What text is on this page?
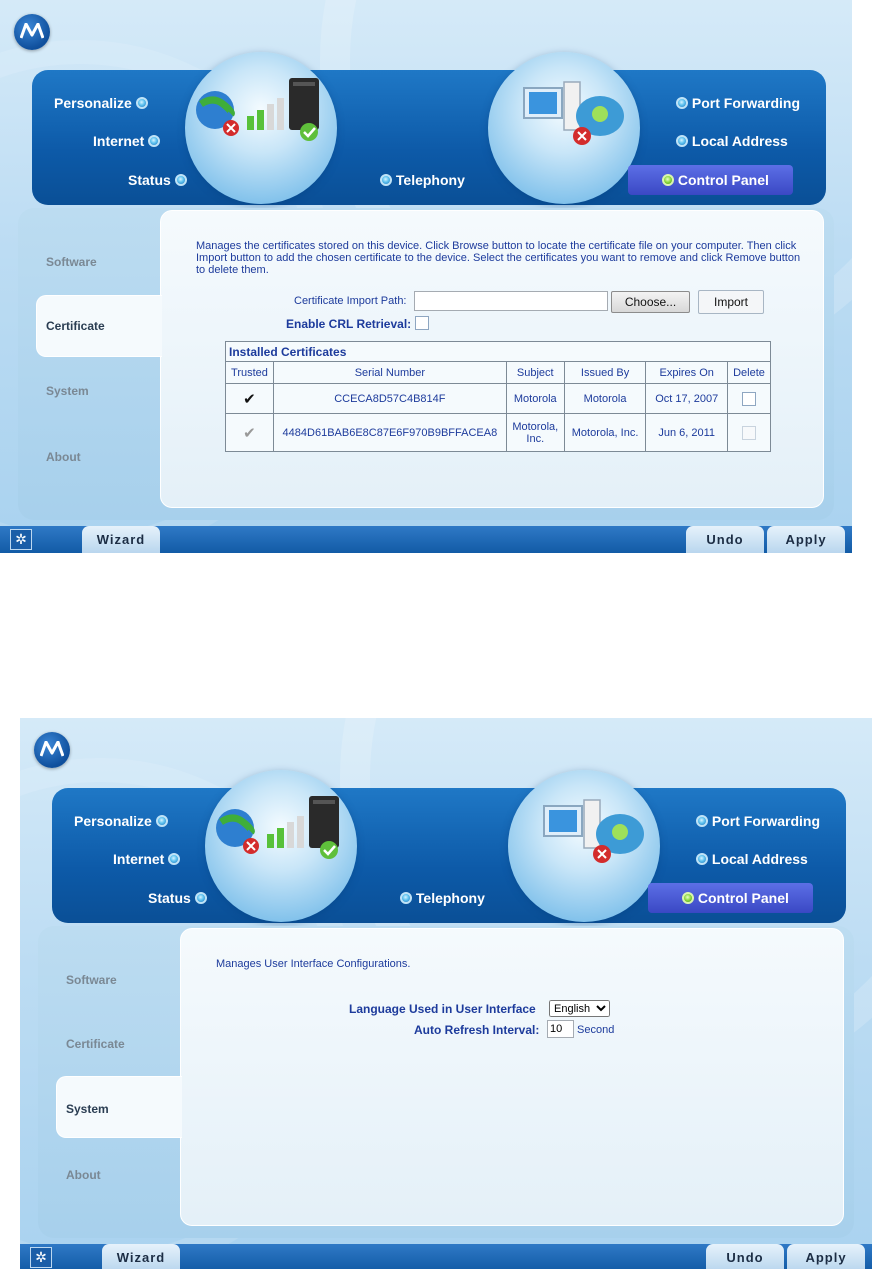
Personalize
Internet
Status	Telephony
Port Forwarding
Local Address
Control Panel
Software
Certificate
System
About
Manages the certificates stored on this device. Click Browse button to locate the certificate file on your computer. Then click Import button to add the chosen certificate to the device. Select the certificates you want to remove and click Remove button to delete them.
Certificate Import Path:	Choose...	Import
Enable CRL Retrieval:
Installed Certificates					
Trusted	Serial Number	Subject	Issued By	Expires On	Delete
✔	CCECA8D57C4B814F	Motorola	Motorola	Oct 17, 2007	
✔	4484D61BAB6E8C87E6F970B9BFFACEA8	Motorola, Inc.	Motorola, Inc.	Jun 6, 2011	
✲	Wizard	Undo	Apply
Personalize
Internet
Status	Telephony
Port Forwarding
Local Address
Control Panel
Software
Certificate
System
About
Manages User Interface Configurations.
Language Used in User Interface
English
Auto Refresh Interval:
10	Second
✲	Wizard	Undo	Apply
